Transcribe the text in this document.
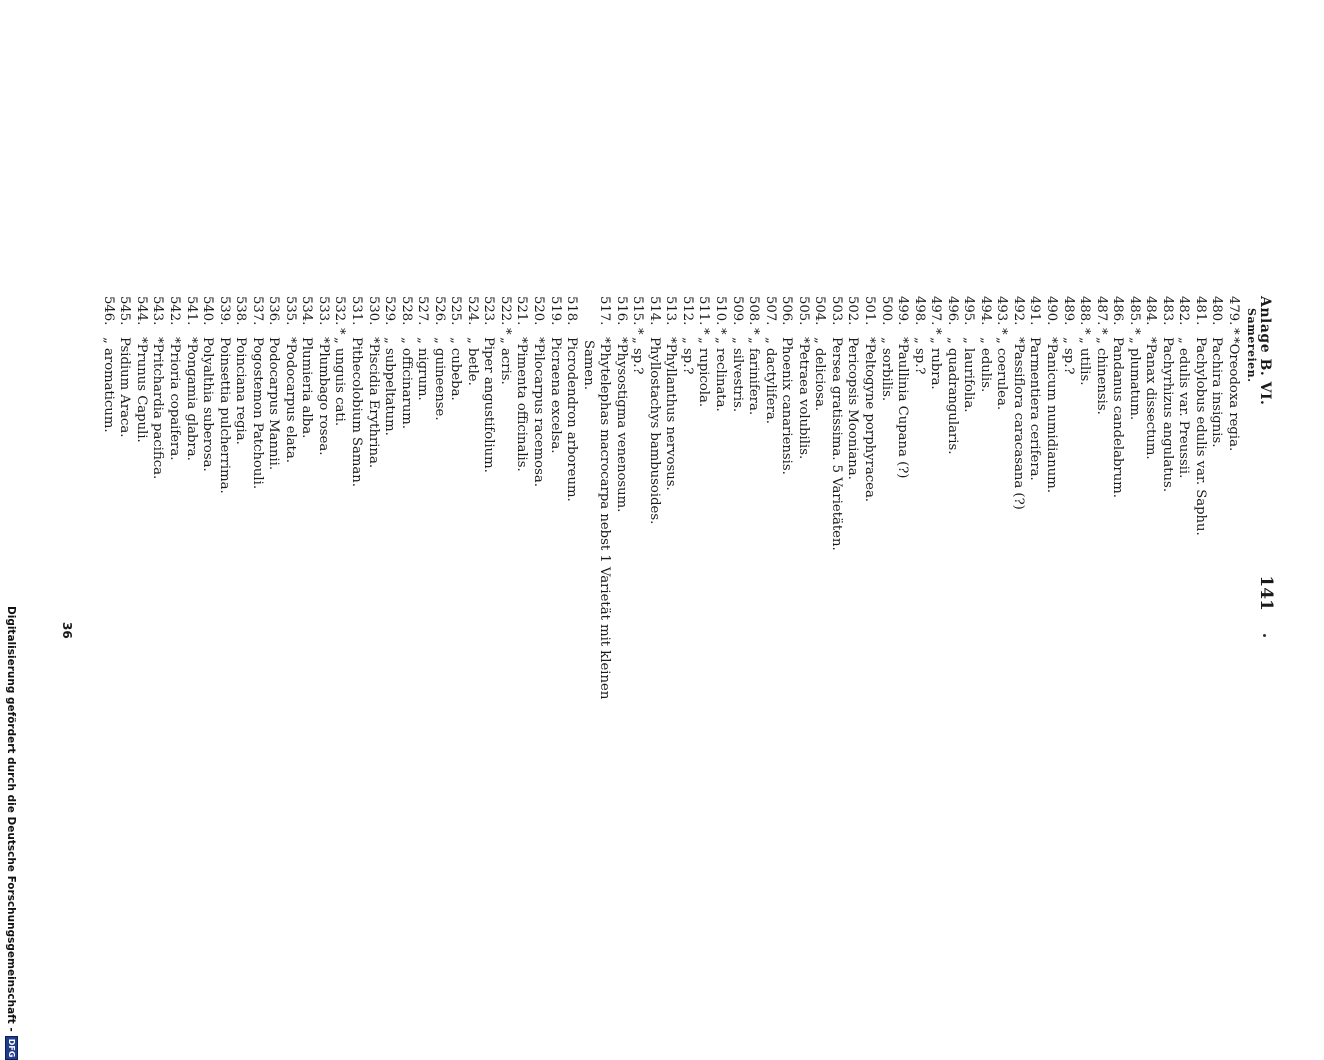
Anlage B. VI.
141
Samereien.
479.
*
*Oreodoxa regia.
480.
Pachira insignis.
481.
Pachylobus edulis var. Saphu.
482.
„ edulis var. Preussii.
483.
Pachyrhizus angulatus.
484.
*Panax dissectum.
485.
*
„ plumatum.
486.
Pandanus candelabrum.
487.
*
„ chinensis.
488.
*
„ utilis.
489.
„ sp.?
490.
*Panicum numidianum.
491.
Parmentiera cerifera.
492.
*Passiflora caracasana (?)
493.
*
„ coerulea.
494.
„ edulis.
495.
„ laurifolia.
496.
„ quadrangularis.
497.
*
„ rubra.
498.
„ sp.?
499.
*Paullinia Cupana (?)
500.
„ sorbilis.
501.
*Peltogyne porphyracea.
502.
Pericopsis Mooniana.
503.
Persea gratissima. 5 Varietäten.
504.
„ deliciosa.
505.
*Petraea volubilis.
506.
Phoenix canariensis.
507.
„ dactylifera.
508.
*
„ farinifera.
509.
„ silvestris.
510.
*
„ reclinata.
511.
*
„ rupicola.
512.
„ sp.?
513.
*Phyllanthus nervosus.
514.
Phyllostachys bambusoides.
515.
*
„ sp.?
516.
*Physostigma venenosum.
517.
*Phytelephas macrocarpa nebst 1 Varietät mit kleinen
Samen.
518.
Picrodendron arboreum.
519.
Picraena excelsa.
520.
*Pilocarpus racemosa.
521.
*Pimenta officinalis.
522.
*
„ acris.
523.
Piper angustifolium.
524.
„ betle.
525.
„ cubeba.
526.
„ guineense.
527.
„ nigrum.
528.
„ officinarum.
529.
„ subpeltatum.
530.
*Piscidia Erythrina.
531.
Pithecolobium Saman.
532.
*
„ unguis cati.
533.
*Plumbago rosea.
534.
Plumieria alba.
535.
*Podocarpus elata.
536.
Podocarpus Mannii.
537.
Pogostemon Patchouli.
538.
Poinciana regia.
539.
Poinsettia pulcherrima.
540.
Polyalthia suberosa.
541.
*Pongamia glabra.
542.
*Prioria copaifera.
543.
*Pritchardia pacifica.
544.
*Prunus Capuli.
545.
Psidium Araca.
546.
„ aromaticum.
36
Digitalisierung gefördert durch die Deutsche Forschungsgemeinschaft -
DFG
